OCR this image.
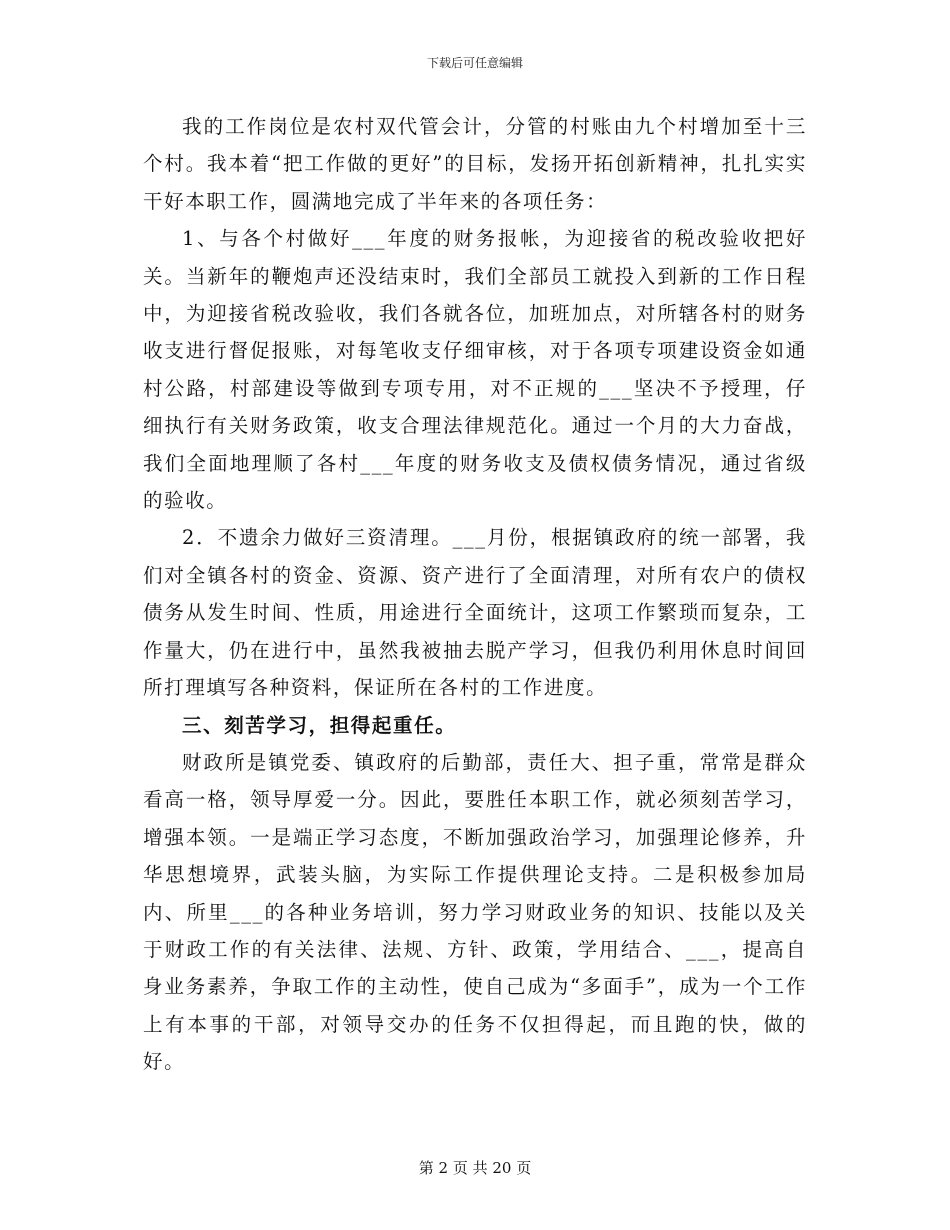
下载后可任意编辑

我的工作岗位是农村双代管会计，分管的村账由九个村增加至十三个村。我本着“把工作做的更好”的目标，发扬开拓创新精神，扎扎实实干好本职工作，圆满地完成了半年来的各项任务：

1、与各个村做好___年度的财务报帐，为迎接省的税改验收把好关。当新年的鞭炮声还没结束时，我们全部员工就投入到新的工作日程中，为迎接省税改验收，我们各就各位，加班加点，对所辖各村的财务收支进行督促报账，对每笔收支仔细审核，对于各项专项建设资金如通村公路，村部建设等做到专项专用，对不正规的___坚决不予授理，仔细执行有关财务政策，收支合理法律规范化。通过一个月的大力奋战，我们全面地理顺了各村___年度的财务收支及债权债务情况，通过省级的验收。

2．不遗余力做好三资清理。___月份，根据镇政府的统一部署，我们对全镇各村的资金、资源、资产进行了全面清理，对所有农户的债权债务从发生时间、性质，用途进行全面统计，这项工作繁琐而复杂，工作量大，仍在进行中，虽然我被抽去脱产学习，但我仍利用休息时间回所打理填写各种资料，保证所在各村的工作进度。

三、刻苦学习，担得起重任。

财政所是镇党委、镇政府的后勤部，责任大、担子重，常常是群众看高一格，领导厚爱一分。因此，要胜任本职工作，就必须刻苦学习，增强本领。一是端正学习态度，不断加强政治学习，加强理论修养，升华思想境界，武装头脑，为实际工作提供理论支持。二是积极参加局内、所里___的各种业务培训，努力学习财政业务的知识、技能以及关于财政工作的有关法律、法规、方针、政策，学用结合、___，提高自身业务素养，争取工作的主动性，使自己成为“多面手”，成为一个工作上有本事的干部，对领导交办的任务不仅担得起，而且跑的快，做的好。

第 2 页 共 20 页
